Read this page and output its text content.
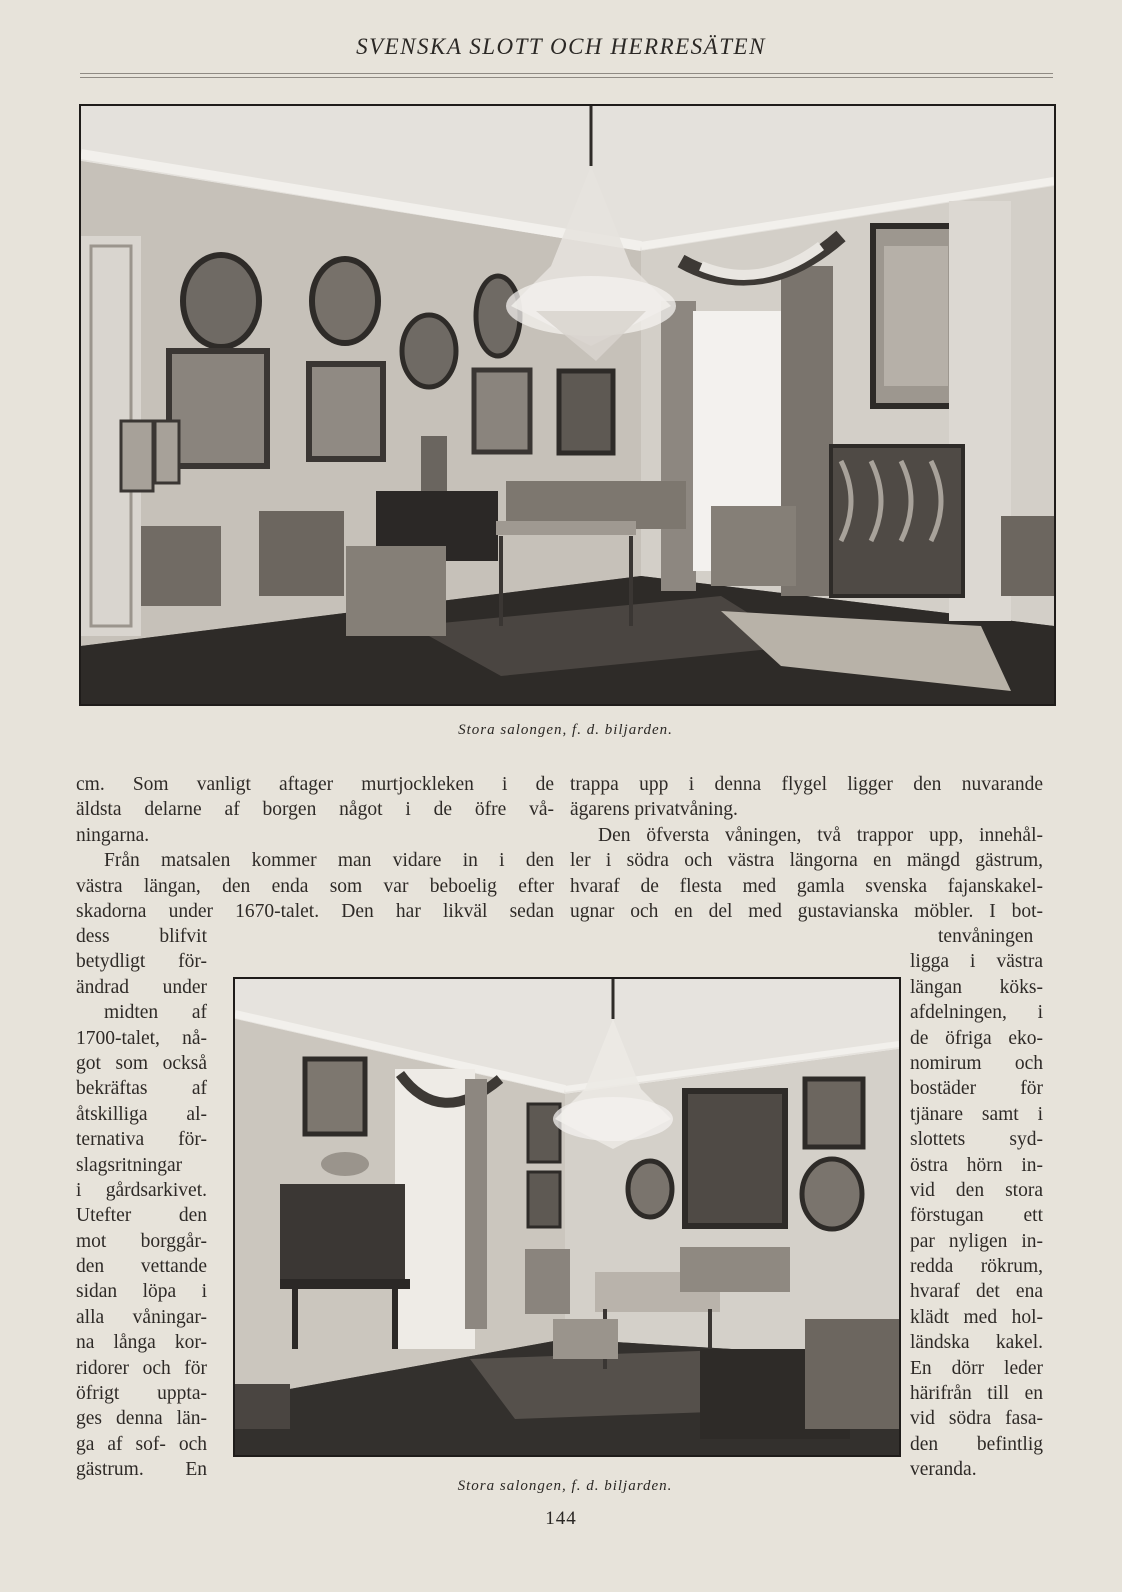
SVENSKA SLOTT OCH HERRESÄTEN
Stora salongen, f. d. biljarden.
cm. Som vanligt aftager murtjockleken i de
äldsta delarne af borgen något i de öfre vå-
ningarna.
Från matsalen kommer man vidare in i den
västra längan, den enda som var beboelig efter
skadorna under 1670-talet. Den har likväl sedan
trappa upp i denna flygel ligger den nuvarande
ägarens privatvåning.
Den öfversta våningen, två trappor upp, innehål-
ler i södra och västra längorna en mängd gästrum,
hvaraf de flesta med gamla svenska fajanskakel-
ugnar och en del med gustavianska möbler. I bot-
dess blifvit
betydligt för-
ändrad under
midten af
1700-talet, nå-
got som också
bekräftas af
åtskilliga al-
ternativa för-
slagsritningar
i gårdsarkivet.
Utefter den
mot borggår-
den vettande
sidan löpa i
alla våningar-
na långa kor-
ridorer och för
öfrigt uppta-
ges denna län-
ga af sof- och
gästrum. En
tenvåningen
ligga i västra
längan köks-
afdelningen, i
de öfriga eko-
nomirum och
bostäder för
tjänare samt i
slottets syd-
östra hörn in-
vid den stora
förstugan ett
par nyligen in-
redda rökrum,
hvaraf det ena
klädt med hol-
ländska kakel.
En dörr leder
härifrån till en
vid södra fasa-
den befintlig
veranda.
Stora salongen, f. d. biljarden.
144
